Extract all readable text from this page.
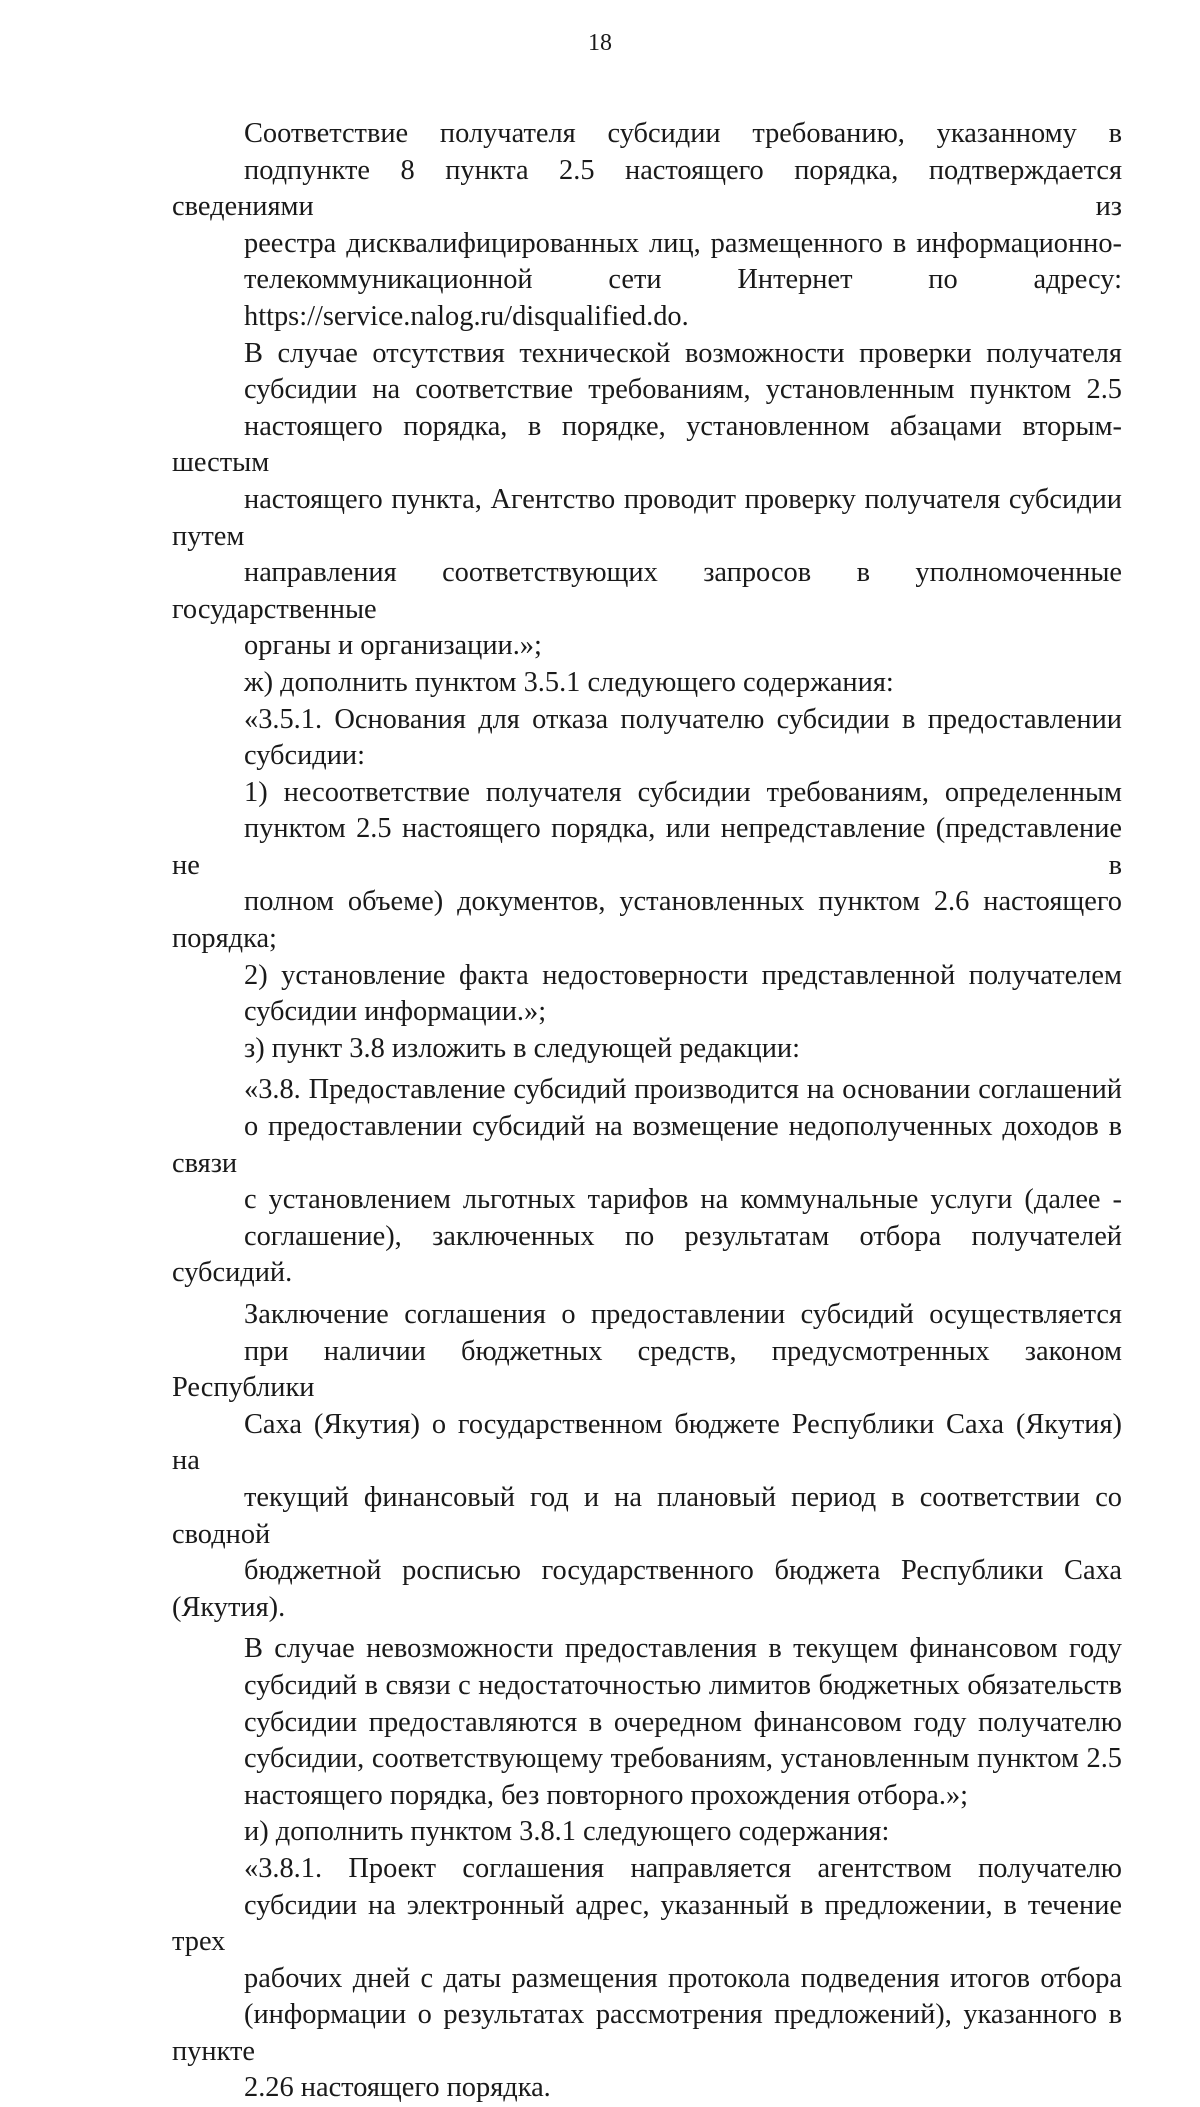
18
Соответствие получателя субсидии требованию, указанному в
подпункте 8 пункта 2.5 настоящего порядка, подтверждается сведениями из
реестра дисквалифицированных лиц, размещенного в информационно-
телекоммуникационной сети Интернет по адресу:
https://service.nalog.ru/disqualified.do.
В случае отсутствия технической возможности проверки получателя
субсидии на соответствие требованиям, установленным пунктом 2.5
настоящего порядка, в порядке, установленном абзацами вторым-шестым
настоящего пункта, Агентство проводит проверку получателя субсидии путем
направления соответствующих запросов в уполномоченные государственные
органы и организации.»;
ж) дополнить пунктом 3.5.1 следующего содержания:
«3.5.1. Основания для отказа получателю субсидии в предоставлении
субсидии:
1) несоответствие получателя субсидии требованиям, определенным
пунктом 2.5 настоящего порядка, или непредставление (представление не в
полном объеме) документов, установленных пунктом 2.6 настоящего порядка;
2) установление факта недостоверности представленной получателем
субсидии информации.»;
з) пункт 3.8 изложить в следующей редакции:
«3.8. Предоставление субсидий производится на основании соглашений
о предоставлении субсидий на возмещение недополученных доходов в связи
с установлением льготных тарифов на коммунальные услуги (далее -
соглашение), заключенных по результатам отбора получателей субсидий.
Заключение соглашения о предоставлении субсидий осуществляется
при наличии бюджетных средств, предусмотренных законом Республики
Саха (Якутия) о государственном бюджете Республики Саха (Якутия) на
текущий финансовый год и на плановый период в соответствии со сводной
бюджетной росписью государственного бюджета Республики Саха (Якутия).
В случае невозможности предоставления в текущем финансовом году
субсидий в связи с недостаточностью лимитов бюджетных обязательств
субсидии предоставляются в очередном финансовом году получателю
субсидии, соответствующему требованиям, установленным пунктом 2.5
настоящего порядка, без повторного прохождения отбора.»;
и) дополнить пунктом 3.8.1 следующего содержания:
«3.8.1. Проект соглашения направляется агентством получателю
субсидии на электронный адрес, указанный в предложении, в течение трех
рабочих дней с даты размещения протокола подведения итогов отбора
(информации о результатах рассмотрения предложений), указанного в пункте
2.26 настоящего порядка.
